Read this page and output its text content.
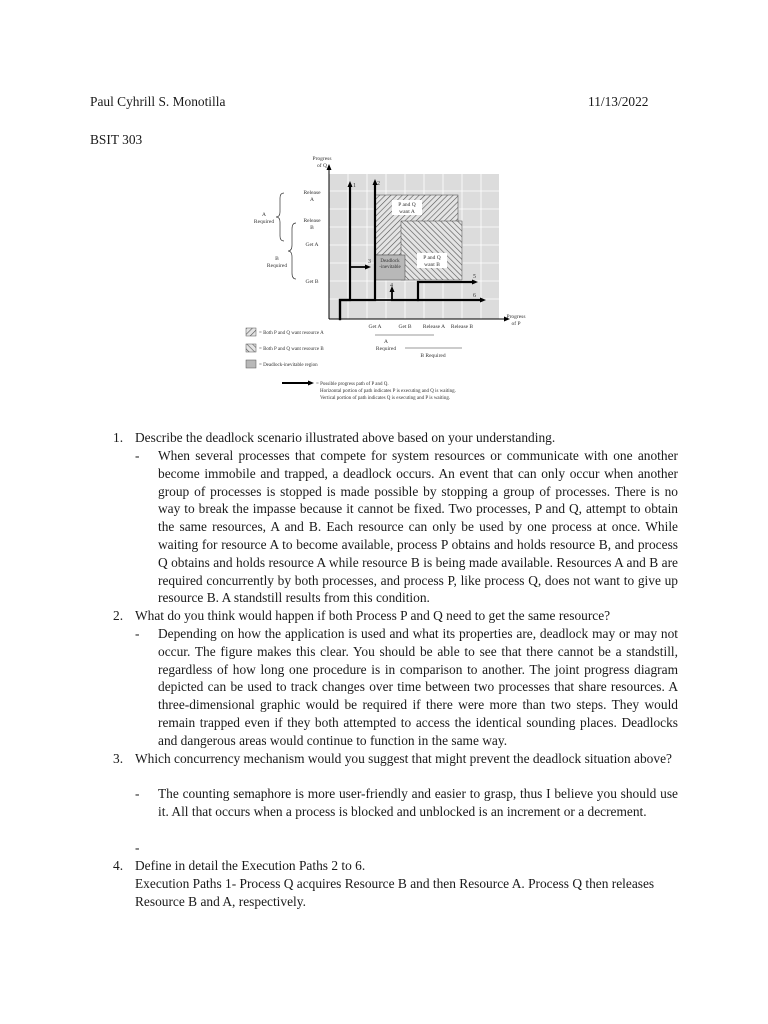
Paul Cyhrill S. Monotilla	11/13/2022
BSIT 303
P and Q
want A
P and Q
want B
Deadlock
-inevitable
1	2
3
4
5
6
Progress
of Q
Release
A
Release
B
Get A
Get B
A
Required
B
Required
Progress
of P
Get A	Get B Release A Release B
A
Required
B Required
= Both P and Q want resource A
= Both P and Q want resource B
= Deadlock-inevitable region
= Possible progress path of P and Q.
Horizontal portion of path indicates P is executing and Q is waiting.
Vertical portion of path indicates Q is executing and P is waiting.
1. Describe the deadlock scenario illustrated above based on your understanding.
- When several processes that compete for system resources or communicate with one another become immobile and trapped, a deadlock occurs. An event that can only occur when another group of processes is stopped is made possible by stopping a group of processes. There is no way to break the impasse because it cannot be fixed. Two processes, P and Q, attempt to obtain the same resources, A and B. Each resource can only be used by one process at once. While waiting for resource A to become available, process P obtains and holds resource B, and process Q obtains and holds resource A while resource B is being made available. Resources A and B are required concurrently by both processes, and process P, like process Q, does not want to give up resource B. A standstill results from this condition.
2. What do you think would happen if both Process P and Q need to get the same resource?
- Depending on how the application is used and what its properties are, deadlock may or may not occur. The figure makes this clear. You should be able to see that there cannot be a standstill, regardless of how long one procedure is in comparison to another. The joint progress diagram depicted can be used to track changes over time between two processes that share resources. A three-dimensional graphic would be required if there were more than two steps. They would remain trapped even if they both attempted to access the identical sounding places. Deadlocks and dangerous areas would continue to function in the same way.
3. Which concurrency mechanism would you suggest that might prevent the deadlock situation above?
- The counting semaphore is more user-friendly and easier to grasp, thus I believe you should use it. All that occurs when a process is blocked and unblocked is an increment or a decrement.
-
4. Define in detail the Execution Paths 2 to 6.
Execution Paths 1- Process Q acquires Resource B and then Resource A. Process Q then releases Resource B and A, respectively.
